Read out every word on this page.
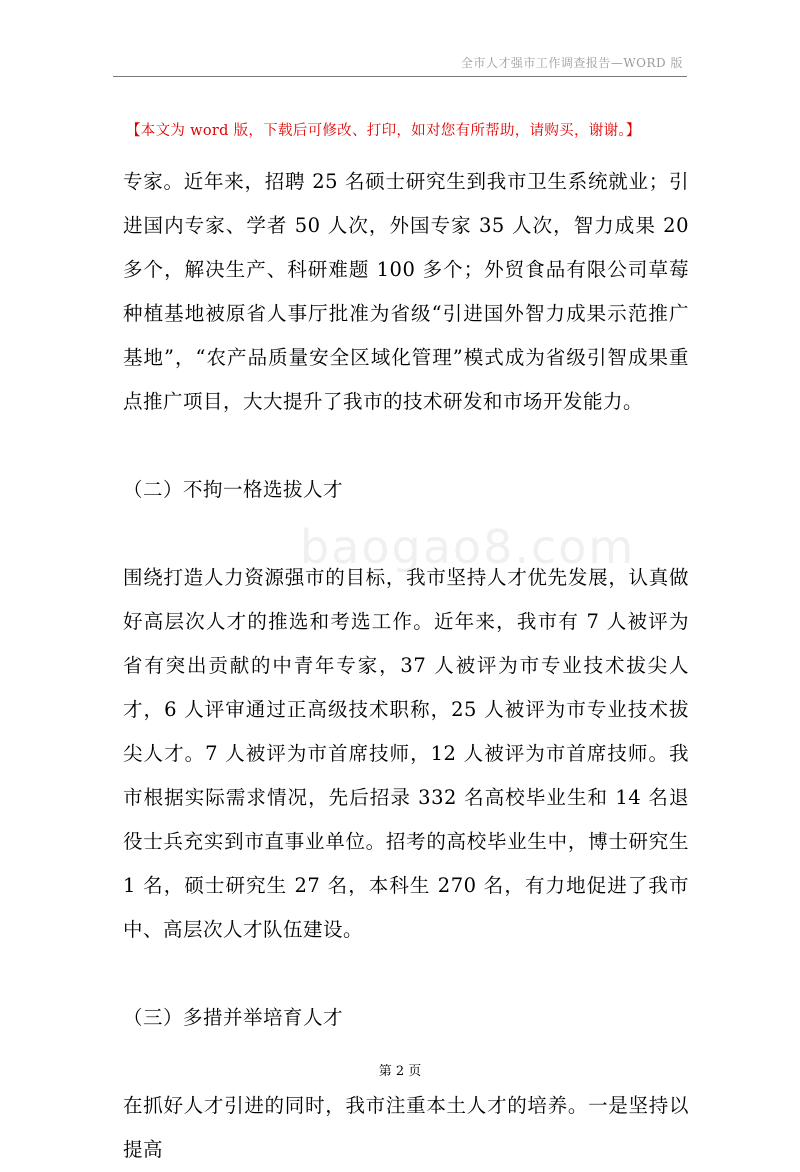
全市人才强市工作调查报告—WORD 版
【本文为 word 版，下载后可修改、打印，如对您有所帮助，请购买，谢谢。】
baogao8.com

专家。近年来，招聘 25 名硕士研究生到我市卫生系统就业；引进国内专家、学者 50 人次，外国专家 35 人次，智力成果 20 多个，解决生产、科研难题 100 多个；外贸食品有限公司草莓种植基地被原省人事厅批准为省级“引进国外智力成果示范推广基地”，“农产品质量安全区域化管理”模式成为省级引智成果重点推广项目，大大提升了我市的技术研发和市场开发能力。

（二）不拘一格选拔人才

围绕打造人力资源强市的目标，我市坚持人才优先发展，认真做好高层次人才的推选和考选工作。近年来，我市有 7 人被评为省有突出贡献的中青年专家，37 人被评为市专业技术拔尖人才，6 人评审通过正高级技术职称，25 人被评为市专业技术拔尖人才。7 人被评为市首席技师，12 人被评为市首席技师。我市根据实际需求情况，先后招录 332 名高校毕业生和 14 名退役士兵充实到市直事业单位。招考的高校毕业生中，博士研究生 1 名，硕士研究生 27 名，本科生 270 名，有力地促进了我市中、高层次人才队伍建设。

（三）多措并举培育人才

在抓好人才引进的同时，我市注重本土人才的培养。一是坚持以提高

第 2 页
